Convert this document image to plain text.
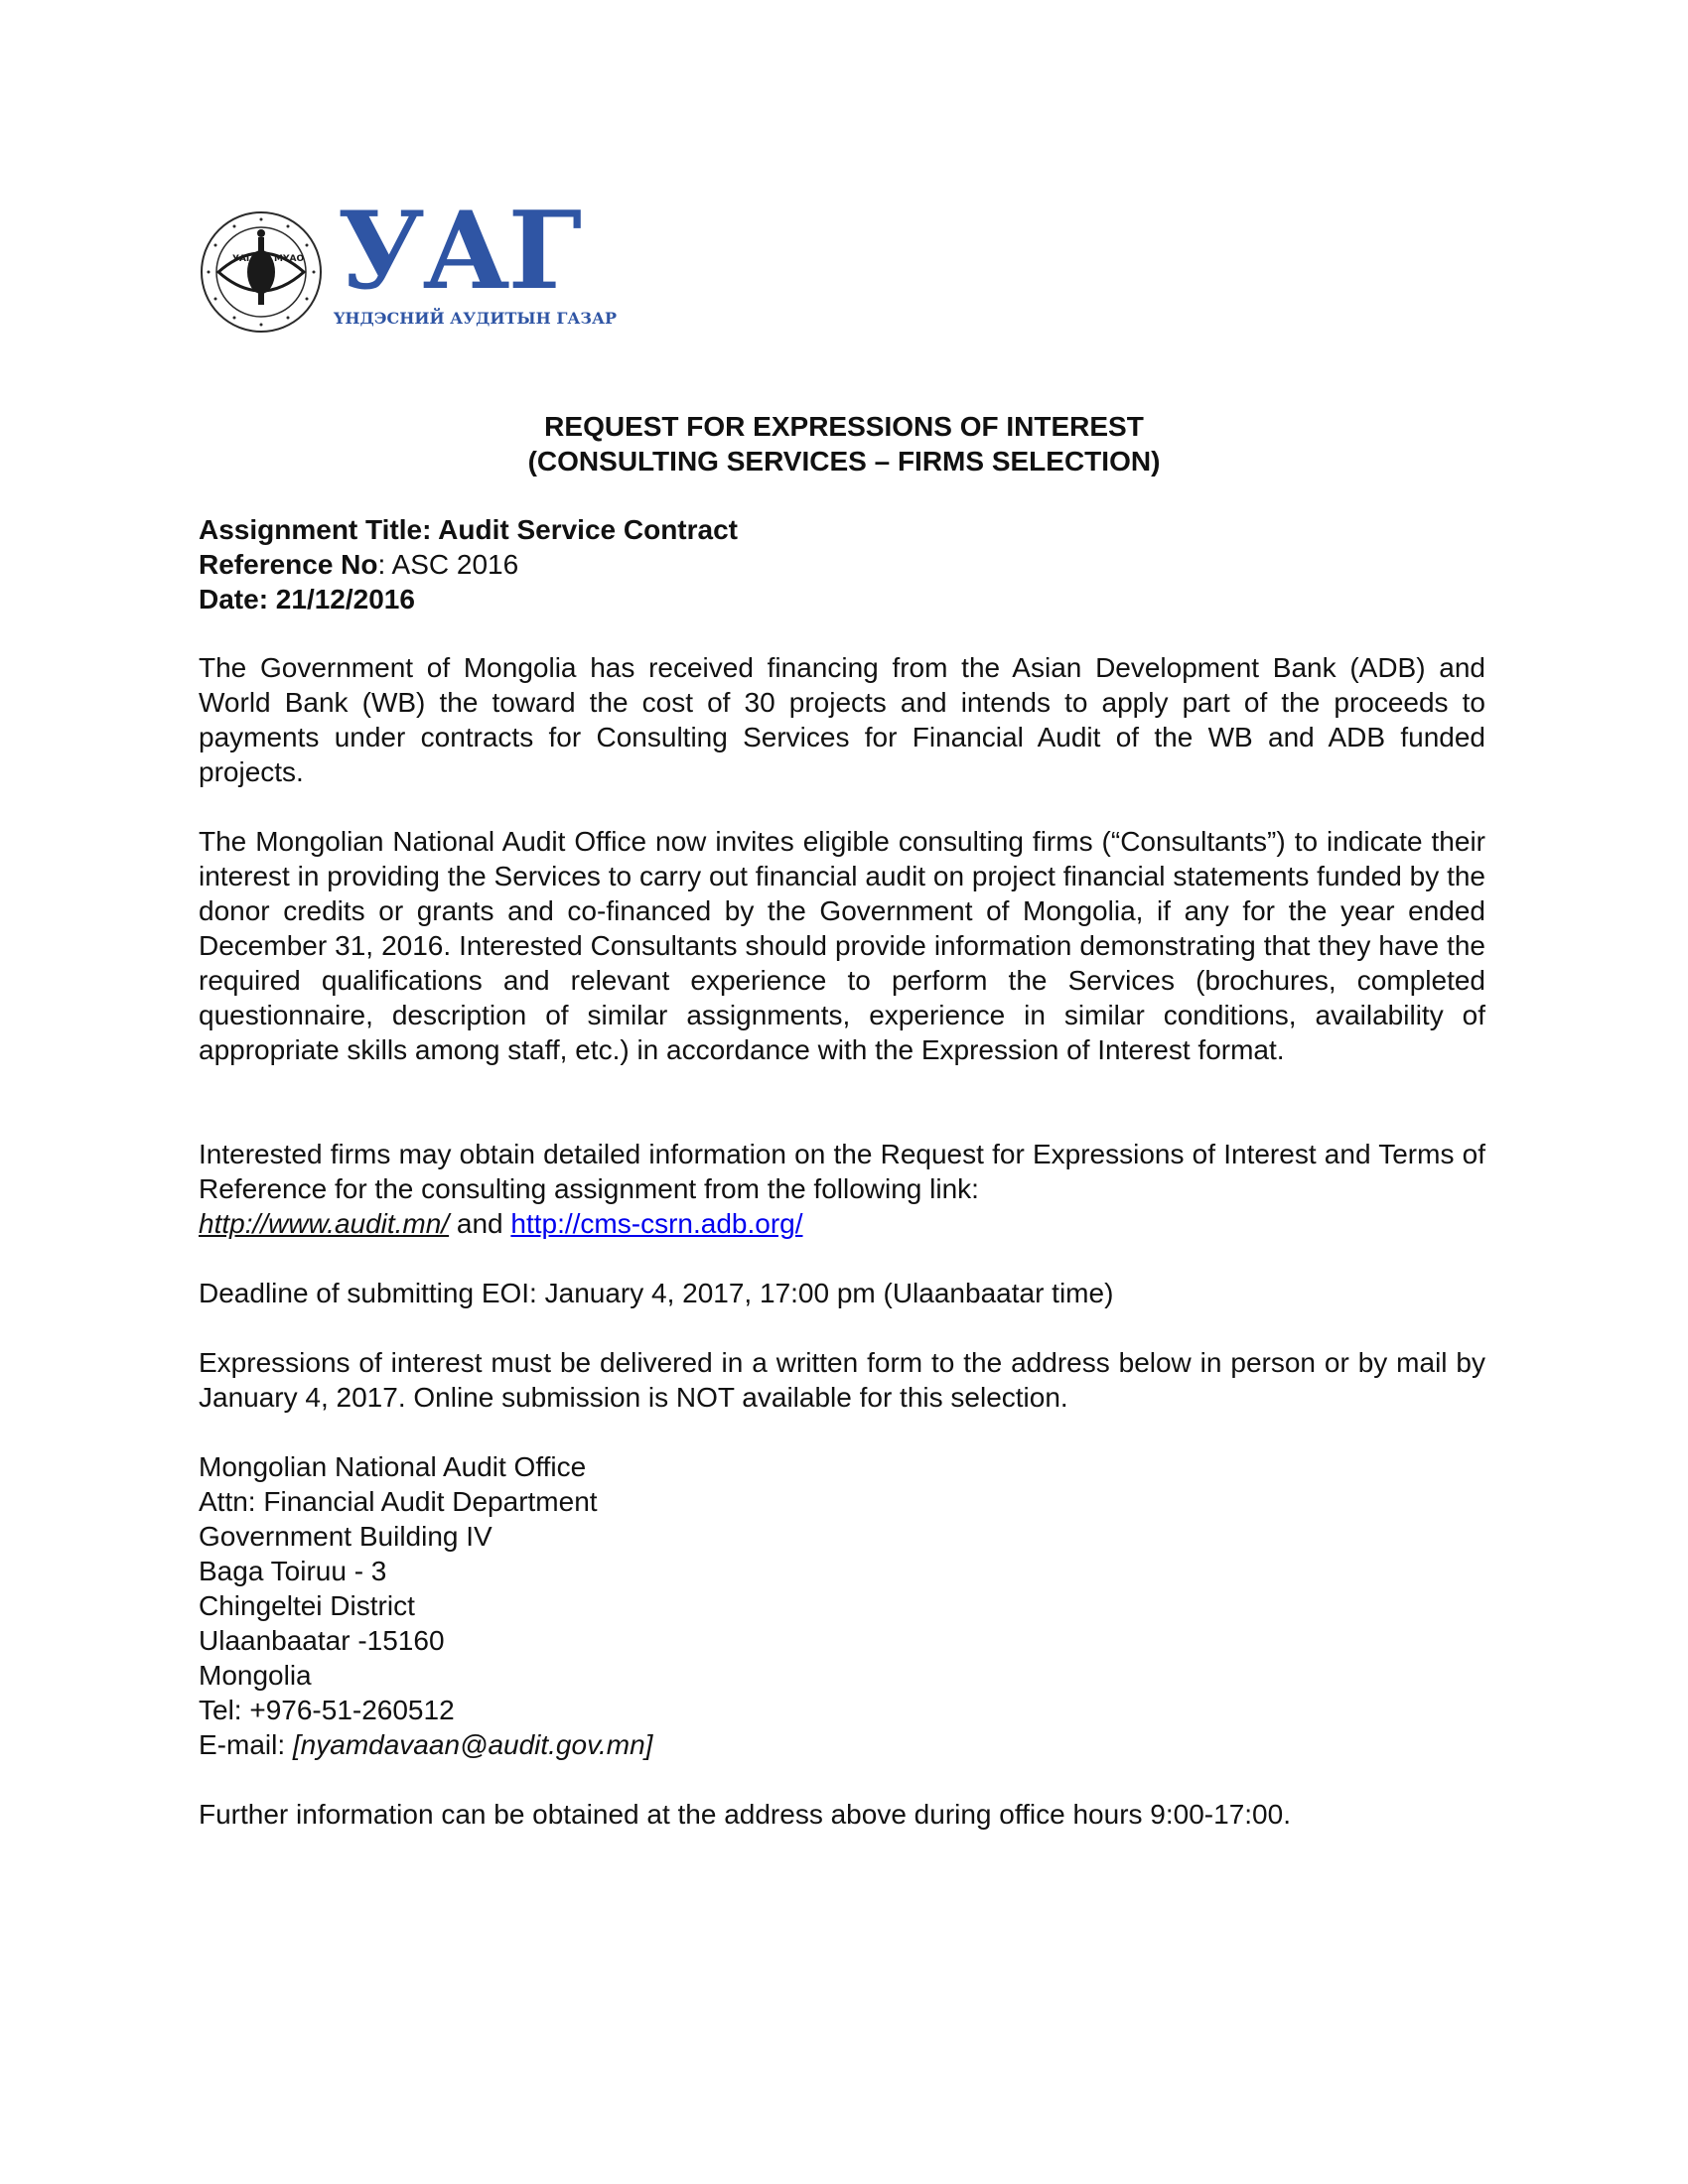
УАГ МҮАО УАГ
ҮНДЭСНИЙ АУДИТЫН ГАЗАР
REQUEST FOR EXPRESSIONS OF INTEREST
(CONSULTING SERVICES – FIRMS SELECTION)
Assignment Title: Audit Service Contract
Reference No: ASC 2016
Date: 21/12/2016
The Government of Mongolia has received financing from the Asian Development Bank (ADB) and World Bank (WB) the toward the cost of 30 projects and intends to apply part of the proceeds to payments under contracts for Consulting Services for Financial Audit of the WB and ADB funded projects.
The Mongolian National Audit Office now invites eligible consulting firms (“Consultants”) to indicate their interest in providing the Services to carry out financial audit on project financial statements funded by the donor credits or grants and co-financed by the Government of Mongolia, if any for the year ended December 31, 2016. Interested Consultants should provide information demonstrating that they have the required qualifications and relevant experience to perform the Services (brochures, completed questionnaire, description of similar assignments, experience in similar conditions, availability of appropriate skills among staff, etc.) in accordance with the Expression of Interest format.
Interested firms may obtain detailed information on the Request for Expressions of Interest and Terms of Reference for the consulting assignment from the following link:
http://www.audit.mn/ and http://cms-csrn.adb.org/
Deadline of submitting EOI: January 4, 2017, 17:00 pm (Ulaanbaatar time)
Expressions of interest must be delivered in a written form to the address below in person or by mail by January 4, 2017. Online submission is NOT available for this selection.
Mongolian National Audit Office
Attn: Financial Audit Department
Government Building IV
Baga Toiruu - 3
Chingeltei District
Ulaanbaatar -15160
Mongolia
Tel: +976-51-260512
E-mail: [nyamdavaan@audit.gov.mn]
Further information can be obtained at the address above during office hours 9:00-17:00.
